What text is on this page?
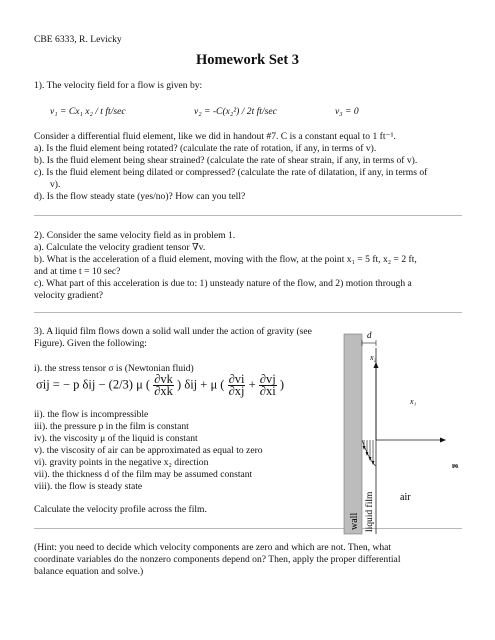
CBE 6333, R. Levicky
Homework Set 3
1). The velocity field for a flow is given by:
v₁ = Cx₁ x₂ / t ft/sec	v₂ = -C(x₂²) / 2t ft/sec	v₃ = 0
Consider a differential fluid element, like we did in handout #7. C is a constant equal to 1 ft⁻¹.
a). Is the fluid element being rotated? (calculate the rate of rotation, if any, in terms of v).
b). Is the fluid element being shear strained? (calculate the rate of shear strain, if any, in terms of v).
c). Is the fluid element being dilated or compressed? (calculate the rate of dilatation, if any, in terms of
v).
d). Is the flow steady state (yes/no)? How can you tell?
2). Consider the same velocity field as in problem 1.
a). Calculate the velocity gradient tensor ∇v.
b). What is the acceleration of a fluid element, moving with the flow, at the point x₁ = 5 ft, x₂ = 2 ft,
and at time t = 10 sec?
c). What part of this acceleration is due to: 1) unsteady nature of the flow, and 2) motion through a
velocity gradient?
3). A liquid film flows down a solid wall under the action of gravity (see
Figure). Given the following:
i). the stress tensor σ is (Newtonian fluid)
σij = − p δij − (2/3) μ ( $\frac{\partial vk}{\partial xk}$ ) δij + μ ( $\frac{\partial vi}{\partial xj} + \frac{\partial vj}{\partial xi}$ )
ii). the flow is incompressible
iii). the pressure p in the film is constant
iv). the viscosity μ of the liquid is constant
v). the viscosity of air can be approximated as equal to zero
vi). gravity points in the negative x₂ direction
vii). the thickness d of the film may be assumed constant
viii). the flow is steady state
Calculate the velocity profile across the film.
(Hint: you need to decide which velocity components are zero and which are not. Then, what
coordinate variables do the nonzero components depend on? Then, apply the proper differential
balance equation and solve.)
d
x₂
x₁
g
wall liquid film	air
